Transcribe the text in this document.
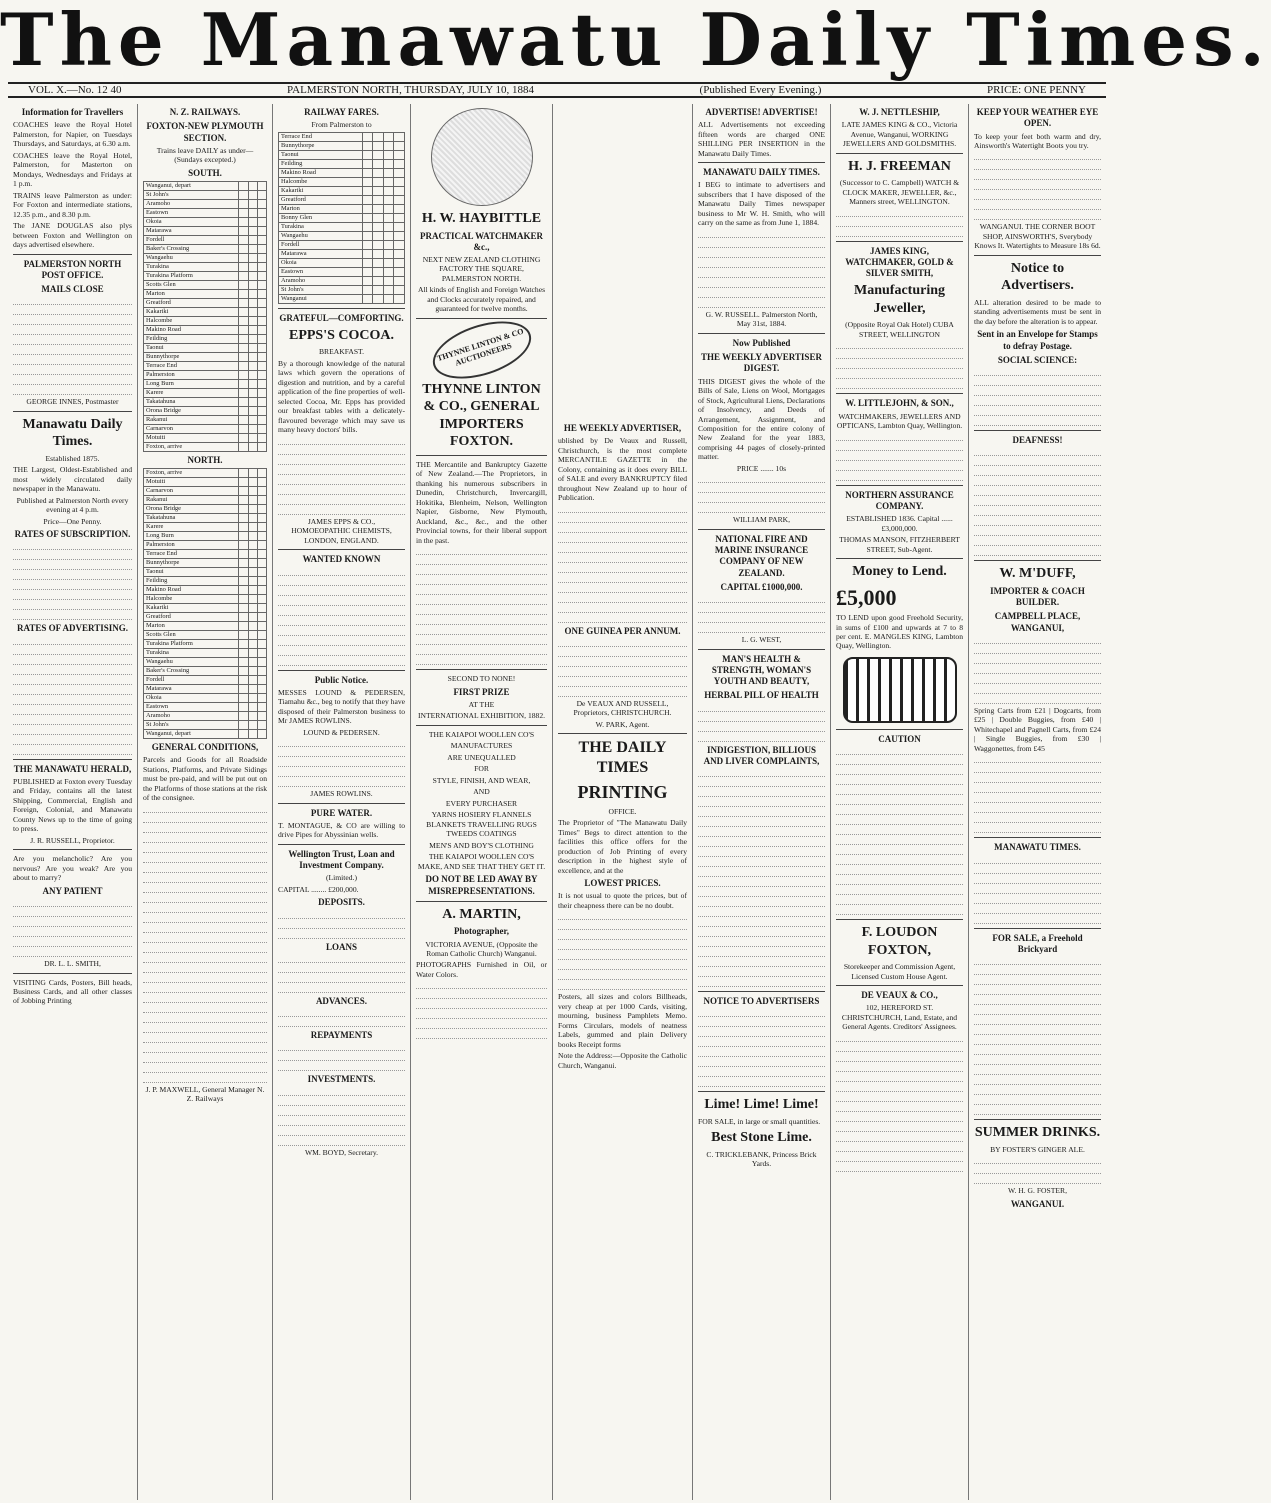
The Manawatu Daily Times.
VOL. X.—No. 12 40	PALMERSTON NORTH, THURSDAY, JULY 10, 1884	(Published Every Evening.)	PRICE: ONE PENNY
Information for Travellers

COACHES leave the Royal Hotel Palmerston, for Napier, on Tuesdays Thursdays, and Saturdays, at 6.30 a.m.

COACHES leave the Royal Hotel, Palmerston, for Masterton on Mondays, Wednesdays and Fridays at 1 p.m.

TRAINS leave Palmerston as under: For Foxton and intermediate stations, 12.35 p.m., and 8.30 p.m.

The JANE DOUGLAS also plys between Foxton and Wellington on days advertised elsewhere.

PALMERSTON NORTH POST OFFICE.
MAILS CLOSE

GEORGE INNES, Postmaster

Manawatu Daily Times.

Established 1875.

THE Largest, Oldest-Established and most widely circulated daily newspaper in the Manawatu.

Published at Palmerston North every evening at 4 p.m.

Price—One Penny.

RATES OF SUBSCRIPTION.
RATES OF ADVERTISING.
THE MANAWATU HERALD,

PUBLISHED at Foxton every Tuesday and Friday, contains all the latest Shipping, Commercial, English and Foreign, Colonial, and Manawatu County News up to the time of going to press.

J. R. RUSSELL, Proprietor.

Are you melancholic? Are you nervous? Are you weak? Are you about to marry?

ANY PATIENT

DR. L. L. SMITH,

VISITING Cards, Posters, Bill heads, Business Cards, and all other classes of Jobbing Printing

N. Z. RAILWAYS.
FOXTON-NEW PLYMOUTH SECTION.

Trains leave DAILY as under— (Sundays excepted.)

SOUTH.
Wanganui, depart			
St John's			
Aramoho			
Eastown			
Okoia			
Matarawa			
Fordell			
Baker's Crossing			
Wangaehu			
Turakina			
Turakina Platform			
Scotts Glen			
Marton			
Greatford			
Kakariki			
Halcombe			
Makino Road			
Feilding			
Taonui			
Bunnythorpe			
Terrace End			
Palmerston			
Long Burn			
Karere			
Takatahuna			
Orona Bridge			
Rakanui			
Carnarvon			
Motuiti			
Foxton, arrive			
NORTH.
Foxton, arrive			
Motuiti			
Carnarvon			
Rakanui			
Orona Bridge			
Takatahuna			
Karere			
Long Burn			
Palmerston			
Terrace End			
Bunnythorpe			
Taonui			
Feilding			
Makino Road			
Halcombe			
Kakariki			
Greatford			
Marton			
Scotts Glen			
Turakina Platform			
Turakina			
Wangaehu			
Baker's Crossing			
Fordell			
Matarawa			
Okoia			
Eastown			
Aramoho			
St John's			
Wanganui, depart			
GENERAL CONDITIONS,

Parcels and Goods for all Roadside Stations, Platforms, and Private Sidings must be pre-paid, and will be put out on the Platforms of those stations at the risk of the consignee.

J. P. MAXWELL, General Manager N. Z. Railways

RAILWAY FARES.

From Palmerston to

Terrace End				
Bunnythorpe				
Taonui				
Feilding				
Makino Road				
Halcombe				
Kakariki				
Greatford				
Marton				
Bonny Glen				
Turakina				
Wangaehu				
Fordell				
Matarawa				
Okoia				
Eastown				
Aramoho				
St John's				
Wanganui				
GRATEFUL—COMFORTING.
EPPS'S COCOA.

BREAKFAST.

By a thorough knowledge of the natural laws which govern the operations of digestion and nutrition, and by a careful application of the fine properties of well-selected Cocoa, Mr. Epps has provided our breakfast tables with a delicately-flavoured beverage which may save us many heavy doctors' bills.

JAMES EPPS & CO., HOMOEOPATHIC CHEMISTS, LONDON, ENGLAND.

WANTED KNOWN
Public Notice.

MESSES LOUND & PEDERSEN, Tiamahu &c., beg to notify that they have disposed of their Palmerston business to Mr JAMES ROWLINS.

LOUND & PEDERSEN.

JAMES ROWLINS.

PURE WATER.

T. MONTAGUE, & CO are willing to drive Pipes for Abyssinian wells.

Wellington Trust, Loan and Investment Company.

(Limited.)

CAPITAL ........ £200,000.

DEPOSITS.
LOANS
ADVANCES.
REPAYMENTS
INVESTMENTS.

WM. BOYD, Secretary.

H. W. HAYBITTLE
PRACTICAL WATCHMAKER &c.,

NEXT NEW ZEALAND CLOTHING FACTORY THE SQUARE, PALMERSTON NORTH.

All kinds of English and Foreign Watches and Clocks accurately repaired, and guaranteed for twelve months.

THYNNE LINTON & CO AUCTIONEERS
THYNNE LINTON & CO., GENERAL IMPORTERS FOXTON.

THE Mercantile and Bankruptcy Gazette of New Zealand.—The Proprietors, in thanking his numerous subscribers in Dunedin, Christchurch, Invercargill, Hokitika, Blenheim, Nelson, Wellington Napier, Gisborne, New Plymouth, Auckland, &c., &c., and the other Provincial towns, for their liberal support in the past.

SECOND TO NONE!

FIRST PRIZE

AT THE

INTERNATIONAL EXHIBITION, 1882.

THE KAIAPOI WOOLLEN CO'S

MANUFACTURES

ARE UNEQUALLED

FOR

STYLE, FINISH, AND WEAR,

AND

EVERY PURCHASER

YARNS HOSIERY FLANNELS BLANKETS TRAVELLING RUGS TWEEDS COATINGS

MEN'S AND BOY'S CLOTHING

THE KAIAPOI WOOLLEN CO'S MAKE, AND SEE THAT THEY GET IT.

DO NOT BE LED AWAY BY MISREPRESENTATIONS.
A. MARTIN,
Photographer,

VICTORIA AVENUE, (Opposite the Roman Catholic Church) Wanganui.

PHOTOGRAPHS Furnished in Oil, or Water Colors.

HE WEEKLY ADVERTISER,

ublished by De Veaux and Russell, Christchurch, is the most complete MERCANTILE GAZETTE in the Colony, containing as it does every BILL of SALE and every BANKRUPTCY filed throughout New Zealand up to hour of Publication.

ONE GUINEA PER ANNUM.

De VEAUX AND RUSSELL, Proprietors, CHRISTCHURCH.

W. PARK, Agent.

THE DAILY TIMES
PRINTING

OFFICE.

The Proprietor of "The Manawatu Daily Times" Begs to direct attention to the facilities this office offers for the production of Job Printing of every description in the highest style of excellence, and at the

LOWEST PRICES.

It is not usual to quote the prices, but of their cheapness there can be no doubt.

Posters, all sizes and colors Billheads, very cheap at per 1000 Cards, visiting, mourning, business Pamphlets Memo. Forms Circulars, models of neatness Labels, gummed and plain Delivery books Receipt forms

Note the Address:—Opposite the Catholic Church, Wanganui.

ADVERTISE! ADVERTISE!

ALL Advertisements not exceeding fifteen words are charged ONE SHILLING PER INSERTION in the Manawatu Daily Times.

MANAWATU DAILY TIMES.

I BEG to intimate to advertisers and subscribers that I have disposed of the Manawatu Daily Times newspaper business to Mr W. H. Smith, who will carry on the same as from June 1, 1884.

G. W. RUSSELL. Palmerston North, May 31st, 1884.

Now Published
THE WEEKLY ADVERTISER DIGEST.

THIS DIGEST gives the whole of the Bills of Sale, Liens on Wool, Mortgages of Stock, Agricultural Liens, Declarations of Insolvency, and Deeds of Arrangement, Assignment, and Composition for the entire colony of New Zealand for the year 1883, comprising 44 pages of closely-printed matter.

PRICE ....... 10s

WILLIAM PARK,

NATIONAL FIRE AND MARINE INSURANCE COMPANY OF NEW ZEALAND.
CAPITAL £1000,000.

L. G. WEST,

MAN'S HEALTH & STRENGTH, WOMAN'S YOUTH AND BEAUTY,
HERBAL PILL OF HEALTH
INDIGESTION, BILLIOUS AND LIVER COMPLAINTS,
NOTICE TO ADVERTISERS
Lime! Lime! Lime!

FOR SALE, in large or small quantities.

Best Stone Lime.

C. TRICKLEBANK, Princess Brick Yards.

W. J. NETTLESHIP,

LATE JAMES KING & CO., Victoria Avenue, Wanganui, WORKING JEWELLERS AND GOLDSMITHS.

H. J. FREEMAN

(Successor to C. Campbell) WATCH & CLOCK MAKER, JEWELLER, &c., Manners street, WELLINGTON.

JAMES KING, WATCHMAKER, GOLD & SILVER SMITH,
Manufacturing Jeweller,

(Opposite Royal Oak Hotel) CUBA STREET, WELLINGTON

W. LITTLEJOHN, & SON.,

WATCHMAKERS, JEWELLERS AND OPTICANS, Lambton Quay, Wellington.

NORTHERN ASSURANCE COMPANY.

ESTABLISHED 1836. Capital ...... £3,000,000.

THOMAS MANSON, FITZHERBERT STREET, Sub-Agent.

Money to Lend.
£5,000

TO LEND upon good Freehold Security, in sums of £100 and upwards at 7 to 8 per cent. E. MANGLES KING, Lambton Quay, Wellington.

CAUTION
F. LOUDON FOXTON,

Storekeeper and Commission Agent, Licensed Custom House Agent.

DE VEAUX & CO.,

102, HEREFORD ST. CHRISTCHURCH, Land, Estate, and General Agents. Creditors' Assignees.

KEEP YOUR WEATHER EYE OPEN.

To keep your feet both warm and dry, Ainsworth's Watertight Boots you try.

WANGANUI. THE CORNER BOOT SHOP, AINSWORTH'S, Sverybody Knows It. Watertights to Measure 18s 6d.

Notice to Advertisers.

ALL alteration desired to be made to standing advertisements must be sent in the day before the alteration is to appear.

Sent in an Envelope for Stamps to defray Postage.
SOCIAL SCIENCE:
DEAFNESS!
W. M'DUFF,
IMPORTER & COACH BUILDER.
CAMPBELL PLACE, WANGANUI,

Spring Carts from £21 | Dogcarts, from £25 | Double Buggies, from £40 | Whitechapel and Pagnell Carts, from £24 | Single Buggies, from £30 | Waggonettes, from £45

MANAWATU TIMES.
FOR SALE, a Freehold Brickyard
SUMMER DRINKS.

BY FOSTER'S GINGER ALE.

W. H. G. FOSTER,

WANGANUI.
